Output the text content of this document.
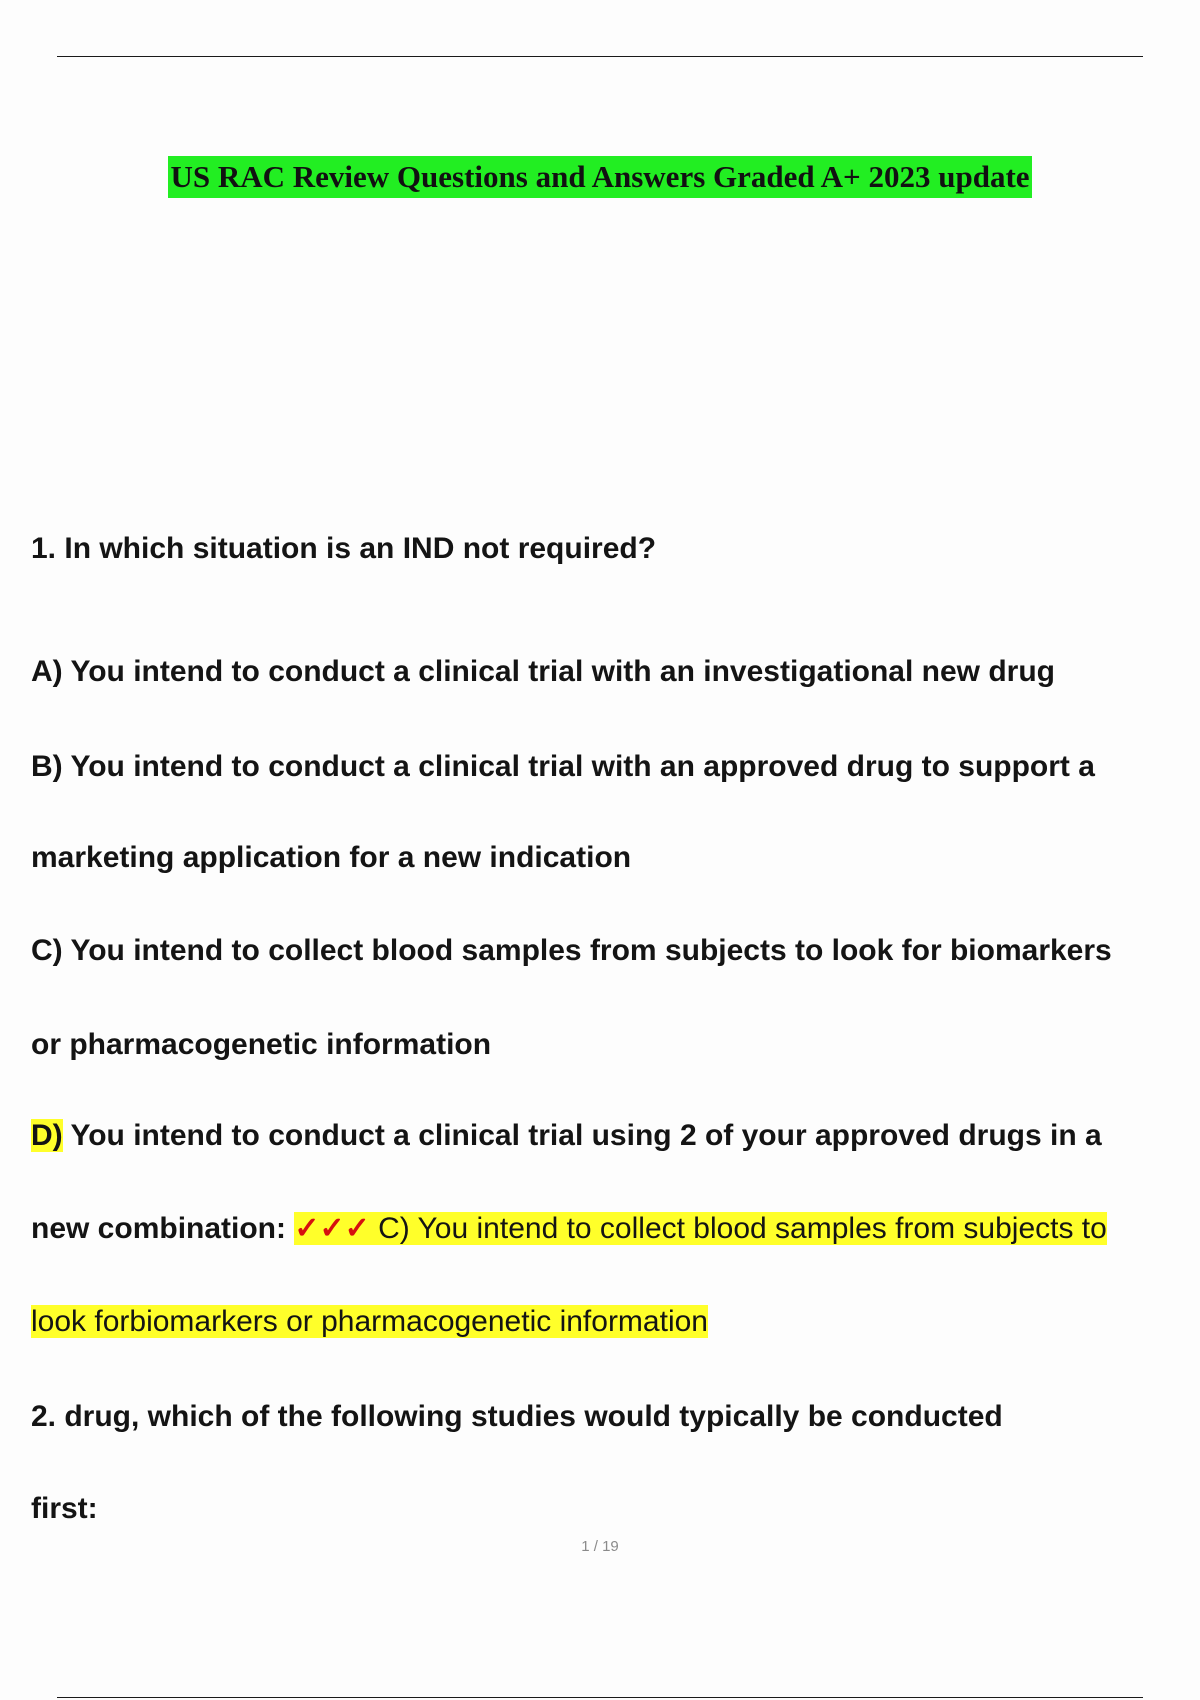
US RAC Review Questions and Answers Graded A+ 2023 update
1. In which situation is an IND not required?
A) You intend to conduct a clinical trial with an investigational new drug
B) You intend to conduct a clinical trial with an approved drug to support a
marketing application for a new indication
C) You intend to collect blood samples from subjects to look for biomarkers
or pharmacogenetic information
D) You intend to conduct a clinical trial using 2 of your approved drugs in a
new combination: ✓✓✓ C) You intend to collect blood samples from subjects to
look forbiomarkers or pharmacogenetic information
2. drug, which of the following studies would typically be conducted
first:
1 / 19
